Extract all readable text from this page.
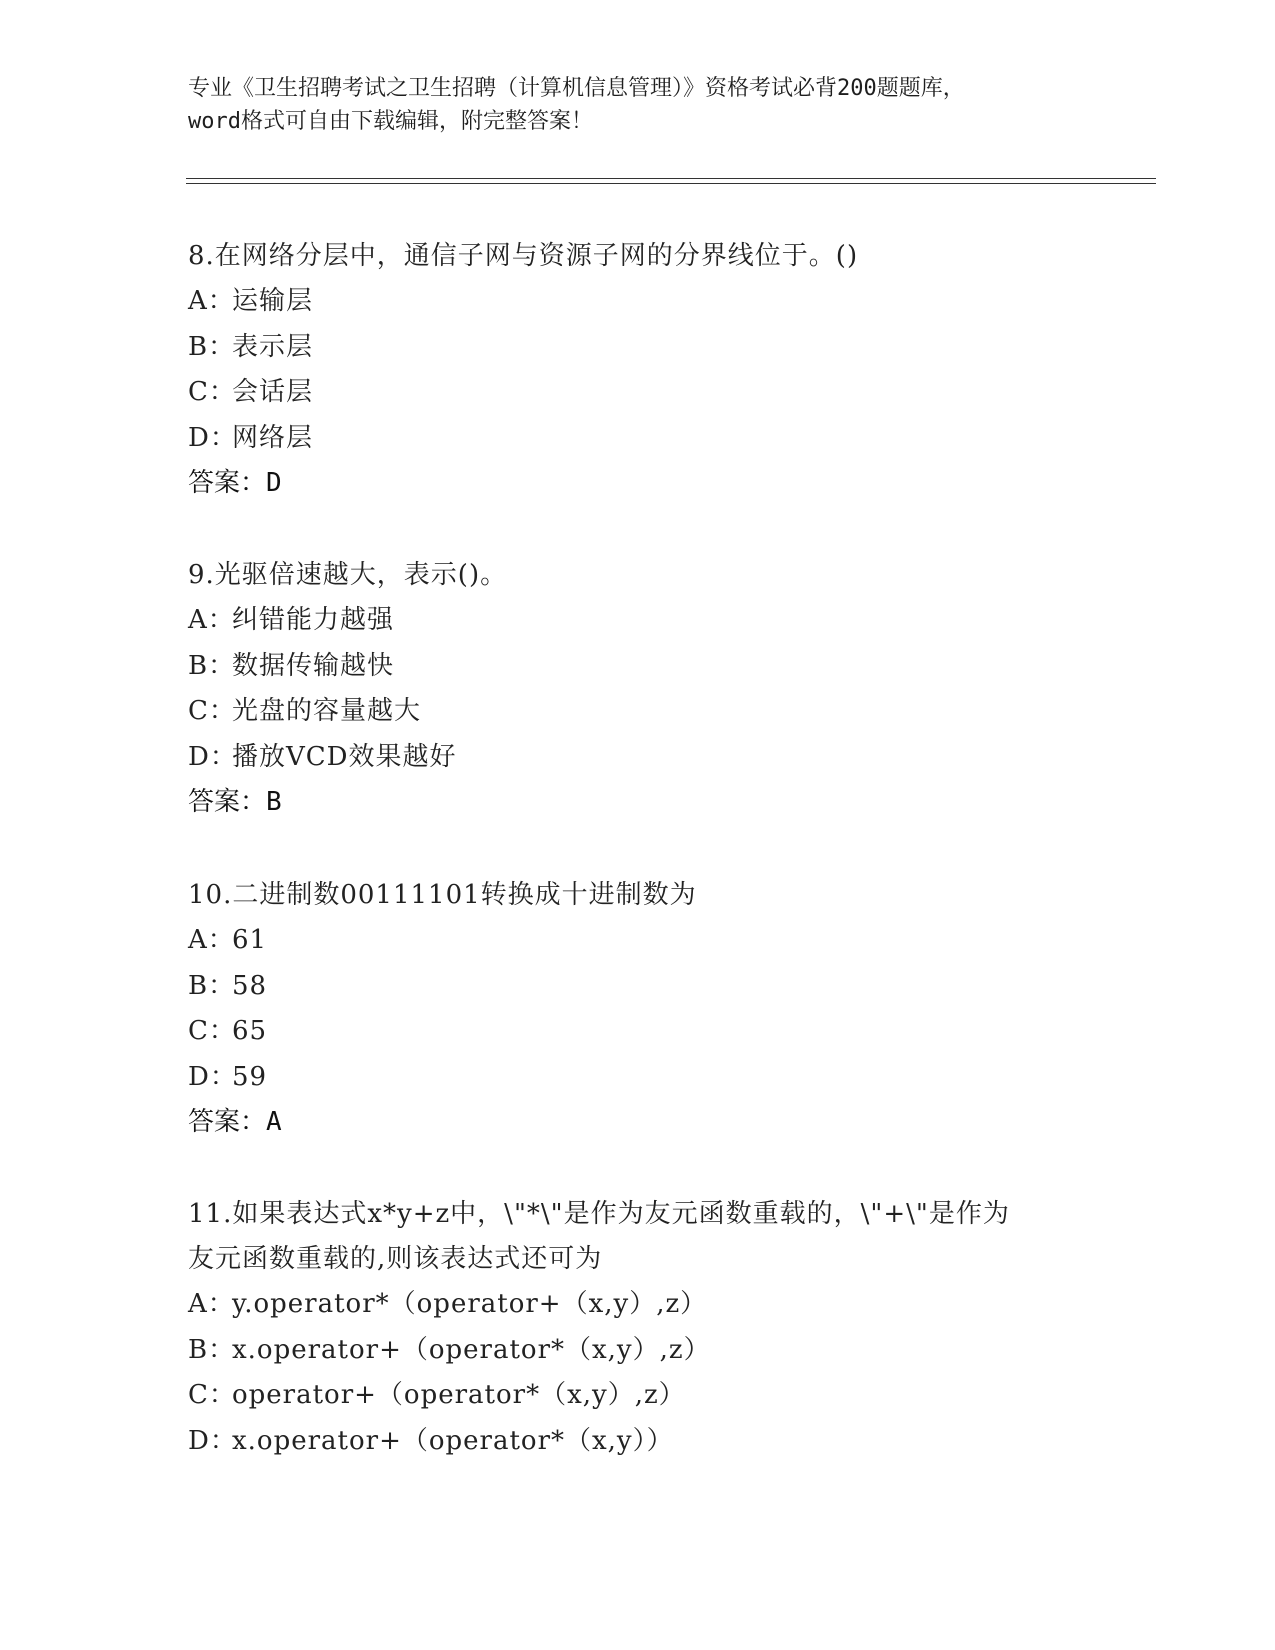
专业《卫生招聘考试之卫生招聘（计算机信息管理）》资格考试必背200题题库，
word格式可自由下载编辑，附完整答案！
8.在网络分层中，通信子网与资源子网的分界线位于。()
A：运输层
B：表示层
C：会话层
D：网络层
答案：D
9.光驱倍速越大，表示()。
A：纠错能力越强
B：数据传输越快
C：光盘的容量越大
D：播放VCD效果越好
答案：B
10.二进制数00111101转换成十进制数为
A：61
B：58
C：65
D：59
答案：A
11.如果表达式x*y+z中，\"*\"是作为友元函数重载的，\"+\"是作为
友元函数重载的,则该表达式还可为
A：y.operator*（operator+（x,y）,z）
B：x.operator+（operator*（x,y）,z）
C：operator+（operator*（x,y）,z）
D：x.operator+（operator*（x,y））
